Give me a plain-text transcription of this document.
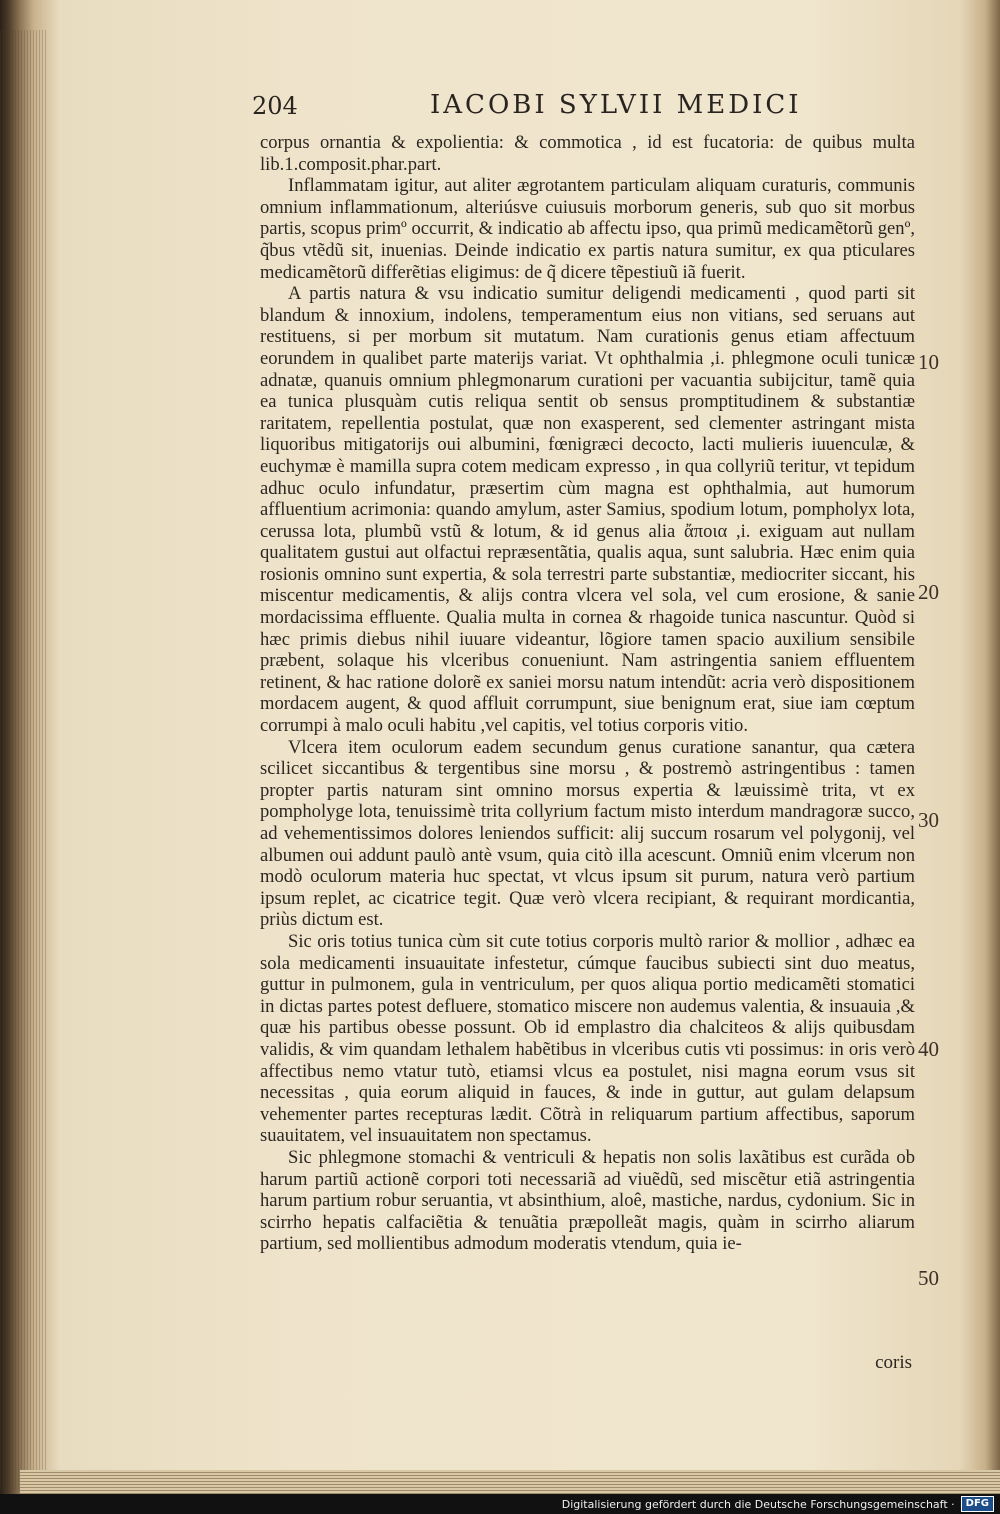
204	IACOBI SYLVII MEDICI

corpus ornantia & expolientia: & commotica , id est fucatoria: de quibus multa lib.1.composit.phar.part.

Inflammatam igitur, aut aliter ægrotantem particulam aliquam curaturis, communis omnium inflammationum, alteriúsve cuiusuis morborum generis, sub quo sit morbus partis, scopus primº occurrit, & indicatio ab affectu ipso, qua primũ medicamẽtorũ genº, q̃bus vtẽdũ sit, inuenias. Deinde indicatio ex partis natura sumitur, ex qua pticulares medicamẽtorũ differẽtias eligimus: de q̃ dicere tẽpestiuũ iã fuerit.

A partis natura & vsu indicatio sumitur deligendi medicamenti , quod parti sit blandum & innoxium, indolens, temperamentum eius non vitians, sed seruans aut restituens, si per morbum sit mutatum. Nam curationis genus etiam affectuum eorundem in qualibet parte materijs variat. Vt ophthalmia ,i. phlegmone oculi tunicæ adnatæ, quanuis omnium phlegmonarum curationi per vacuantia subijcitur, tamẽ quia ea tunica plusquàm cutis reliqua sentit ob sensus promptitudinem & substantiæ raritatem, repellentia postulat, quæ non exasperent, sed clementer astringant mista liquoribus mitigatorijs oui albumini, fœnigræci decocto, lacti mulieris iuuenculæ, & euchymæ è mamilla supra cotem medicam expresso , in qua collyriũ teritur, vt tepidum adhuc oculo infundatur, præsertim cùm magna est ophthalmia, aut humorum affluentium acrimonia: quando amylum, aster Samius, spodium lotum, pompholyx lota, cerussa lota, plumbũ vstũ & lotum, & id genus alia ἄποια ,i. exiguam aut nullam qualitatem gustui aut olfactui repræsentãtia, qualis aqua, sunt salubria. Hæc enim quia rosionis omnino sunt expertia, & sola terrestri parte substantiæ, mediocriter siccant, his miscentur medicamentis, & alijs contra vlcera vel sola, vel cum erosione, & sanie mordacissima effluente. Qualia multa in cornea & rhagoide tunica nascuntur. Quòd si hæc primis diebus nihil iuuare videantur, lõgiore tamen spacio auxilium sensibile præbent, solaque his vlceribus conueniunt. Nam astringentia saniem effluentem retinent, & hac ratione dolorẽ ex saniei morsu natum intendũt: acria verò dispositionem mordacem augent, & quod affluit corrumpunt, siue benignum erat, siue iam cœptum corrumpi à malo oculi habitu ,vel capitis, vel totius corporis vitio.

Vlcera item oculorum eadem secundum genus curatione sanantur, qua cætera scilicet siccantibus & tergentibus sine morsu , & postremò astringentibus : tamen propter partis naturam sint omnino morsus expertia & læuissimè trita, vt ex pompholyge lota, tenuissimè trita collyrium factum misto interdum mandragoræ succo, ad vehementissimos dolores leniendos sufficit: alij succum rosarum vel polygonij, vel albumen oui addunt paulò antè vsum, quia citò illa acescunt. Omniũ enim vlcerum non modò oculorum materia huc spectat, vt vlcus ipsum sit purum, natura verò partium ipsum replet, ac cicatrice tegit. Quæ verò vlcera recipiant, & requirant mordicantia, priùs dictum est.

Sic oris totius tunica cùm sit cute totius corporis multò rarior & mollior , adhæc ea sola medicamenti insuauitate infestetur, cúmque faucibus subiecti sint duo meatus, guttur in pulmonem, gula in ventriculum, per quos aliqua portio medicamẽti stomatici in dictas partes potest defluere, stomatico miscere non audemus valentia, & insuauia ,& quæ his partibus obesse possunt. Ob id emplastro dia chalciteos & alijs quibusdam validis, & vim quandam lethalem habẽtibus in vlceribus cutis vti possimus: in oris verò affectibus nemo vtatur tutò, etiamsi vlcus ea postulet, nisi magna eorum vsus sit necessitas , quia eorum aliquid in fauces, & inde in guttur, aut gulam delapsum vehementer partes recepturas lædit. Cõtrà in reliquarum partium affectibus, saporum suauitatem, vel insuauitatem non spectamus.

Sic phlegmone stomachi & ventriculi & hepatis non solis laxãtibus est curãda ob harum partiũ actionẽ corpori toti necessariã ad viuẽdũ, sed miscẽtur etiã astringentia harum partium robur seruantia, vt absinthium, aloê, mastiche, nardus, cydonium. Sic in scirrho hepatis calfaciẽtia & tenuãtia præpolleãt magis, quàm in scirrho aliarum partium, sed mollientibus admodum moderatis vtendum, quia ie-

coris
10
20
30
40
50
Digitalisierung gefördert durch die Deutsche Forschungsgemeinschaft ·	DFG
